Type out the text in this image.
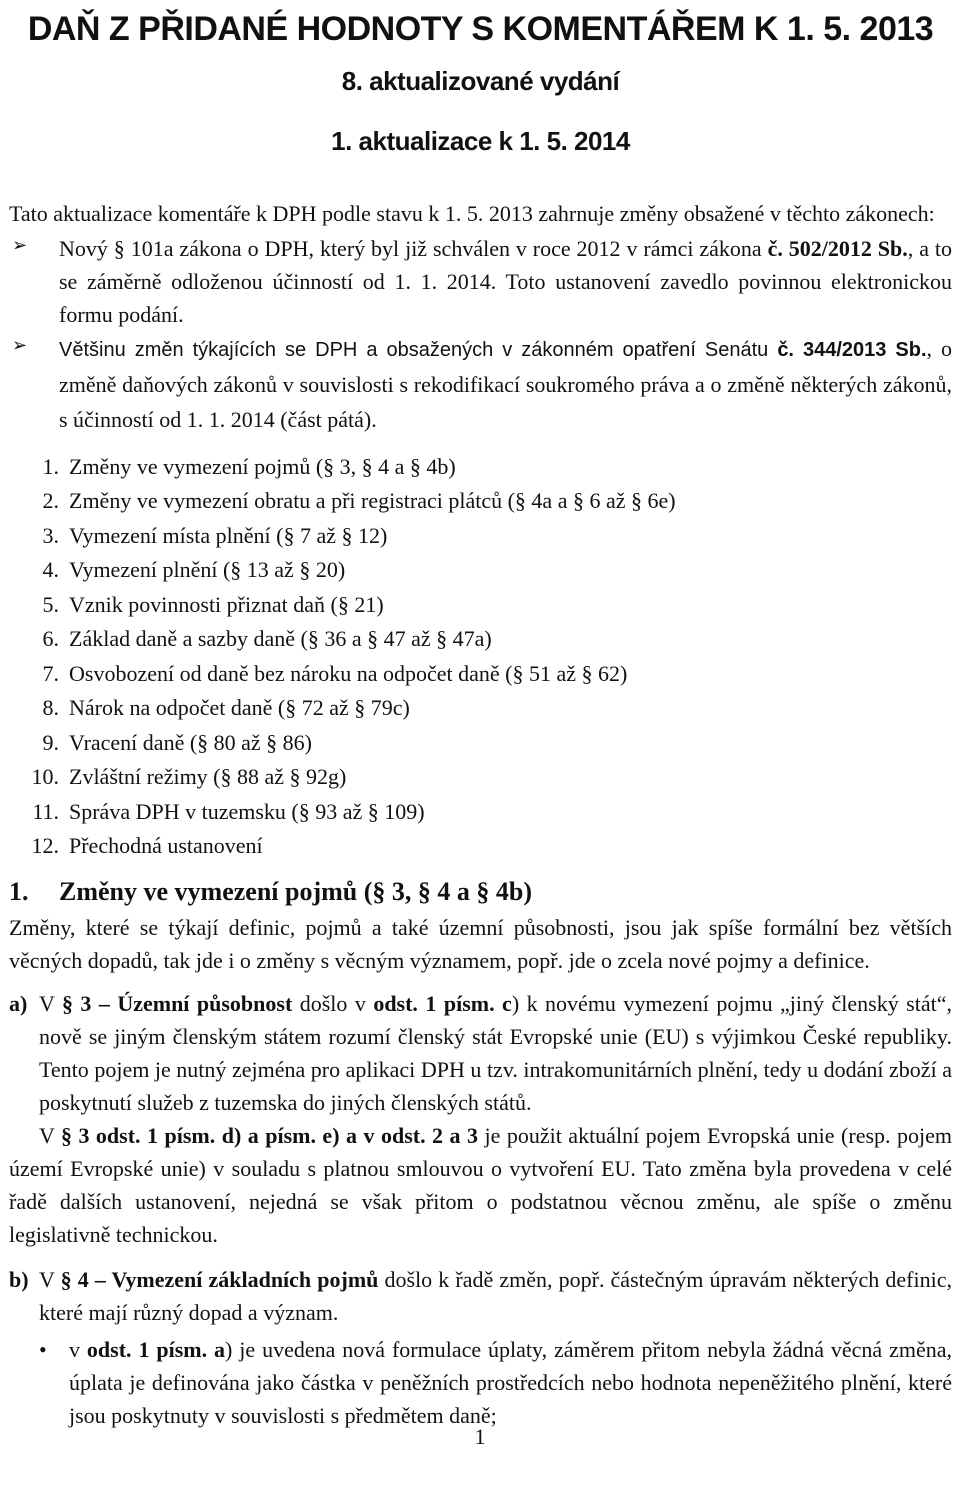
DAŇ Z PŘIDANÉ HODNOTY S KOMENTÁŘEM K 1. 5. 2013
8. aktualizované vydání
1. aktualizace k 1. 5. 2014

Tato aktualizace komentáře k DPH podle stavu k 1. 5. 2013 zahrnuje změny obsažené v těchto zákonech:

➢ Nový § 101a zákona o DPH, který byl již schválen v roce 2012 v rámci zákona č. 502/2012 Sb., a to se záměrně odloženou účinností od 1. 1. 2014. Toto ustanovení zavedlo povinnou elektronickou formu podání.
➢ Většinu změn týkajících se DPH a obsažených v zákonném opatření Senátu č. 344/2013 Sb., o změně daňových zákonů v souvislosti s rekodifikací soukromého práva a o změně některých zákonů, s účinností od 1. 1. 2014 (část pátá).
1. Změny ve vymezení pojmů (§ 3, § 4 a § 4b)
2. Změny ve vymezení obratu a při registraci plátců (§ 4a a § 6 až § 6e)
3. Vymezení místa plnění (§ 7 až § 12)
4. Vymezení plnění (§ 13 až § 20)
5. Vznik povinnosti přiznat daň (§ 21)
6. Základ daně a sazby daně (§ 36 a § 47 až § 47a)
7. Osvobození od daně bez nároku na odpočet daně (§ 51 až § 62)
8. Nárok na odpočet daně (§ 72 až § 79c)
9. Vracení daně (§ 80 až § 86)
10. Zvláštní režimy (§ 88 až § 92g)
11. Správa DPH v tuzemsku (§ 93 až § 109)
12. Přechodná ustanovení
1.	Změny ve vymezení pojmů (§ 3, § 4 a § 4b)

Změny, které se týkají definic, pojmů a také územní působnosti, jsou jak spíše formální bez větších věcných dopadů, tak jde i o změny s věcným významem, popř. jde o zcela nové pojmy a definice.

a) V § 3 – Územní působnost došlo v odst. 1 písm. c) k novému vymezení pojmu „jiný členský stát“, nově se jiným členským státem rozumí členský stát Evropské unie (EU) s výjimkou České republiky. Tento pojem je nutný zejména pro aplikaci DPH u tzv. intrakomunitárních plnění, tedy u dodání zboží a poskytnutí služeb z tuzemska do jiných členských států.

V § 3 odst. 1 písm. d) a písm. e) a v odst. 2 a 3 je použit aktuální pojem Evropská unie (resp. pojem území Evropské unie) v souladu s platnou smlouvou o vytvoření EU. Tato změna byla provedena v celé řadě dalších ustanovení, nejedná se však přitom o podstatnou věcnou změnu, ale spíše o změnu legislativně technickou.

b) V § 4 – Vymezení základních pojmů došlo k řadě změn, popř. částečným úpravám některých definic, které mají různý dopad a význam.

• v odst. 1 písm. a) je uvedena nová formulace úplaty, záměrem přitom nebyla žádná věcná změna, úplata je definována jako částka v peněžních prostředcích nebo hodnota nepeněžitého plnění, které jsou poskytnuty v souvislosti s předmětem daně;

1
